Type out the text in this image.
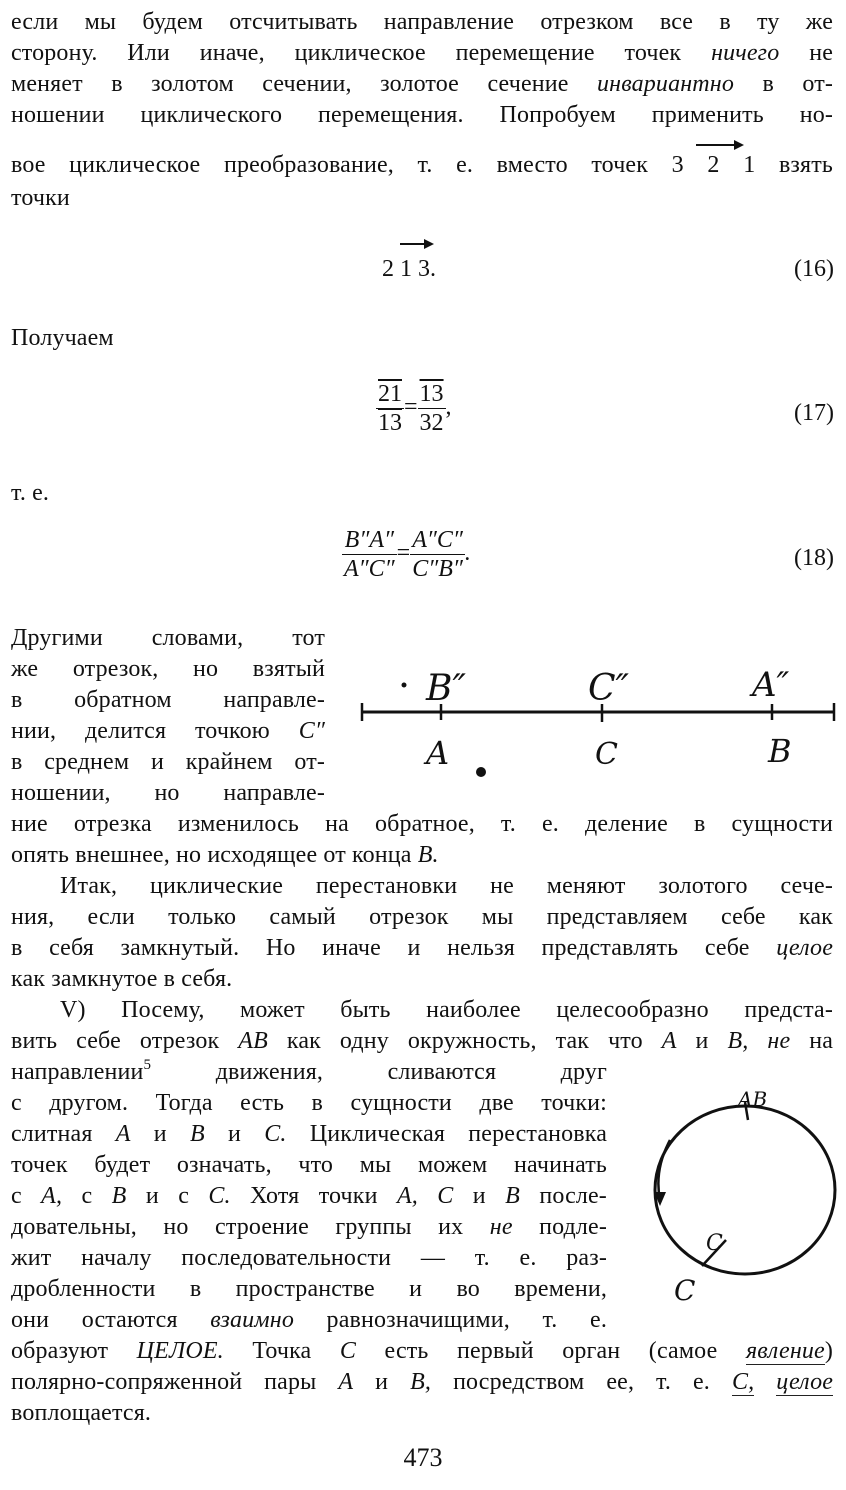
если мы будем отсчитывать направление отрезком все в ту же
сторону. Или иначе, циклическое перемещение точек ничего не
меняет в золотом сечении, золотое сечение инвариантно в от-
ношении циклического перемещения. Попробуем применить но-
вое циклическое преобразование, т. е. вместо точек 3 2 1 взять
точки
2 1 3.	(16)
Получаем
$\frac{21}{13} = \frac{13}{32}$ ,	(17)
т. е.
$\frac{B''A''}{A''C''} = \frac{A''C''}{C''B''}$ .	(18)
Другими словами, тот
же отрезок, но взятый
в обратном направле-
нии, делится точкою C″
в среднем и крайнем от-
ношении, но направле-
B″	C″	A″
A	C	B
ние отрезка изменилось на обратное, т. е. деление в сущности
опять внешнее, но исходящее от конца B.
Итак, циклические перестановки не меняют золотого сече-
ния, если только самый отрезок мы представляем себе как
в себя замкнутый. Но иначе и нельзя представлять себе целое
как замкнутое в себя.
V) Посему, может быть наиболее целесообразно предста-
вить себе отрезок AB как одну окружность, так что A и B, не на
направлении$^5$	движения, сливаются друг
с другом. Тогда есть в сущности две точки:
слитная A и B и C. Циклическая перестановка
точек будет означать, что мы можем начинать
с A, с B и с C. Хотя точки A, C и B после-
довательны, но строение группы их не подле-
жит началу последовательности — т. е. раз-
дробленности в пространстве и во времени,
они остаются взаимно равнозначищими, т. е.
AB
C
C
образуют ЦЕЛОЕ. Точка C есть первый орган (самое явление)
полярно-сопряженной пары A и B, посредством ее, т. е. C, целое
воплощается.
473
